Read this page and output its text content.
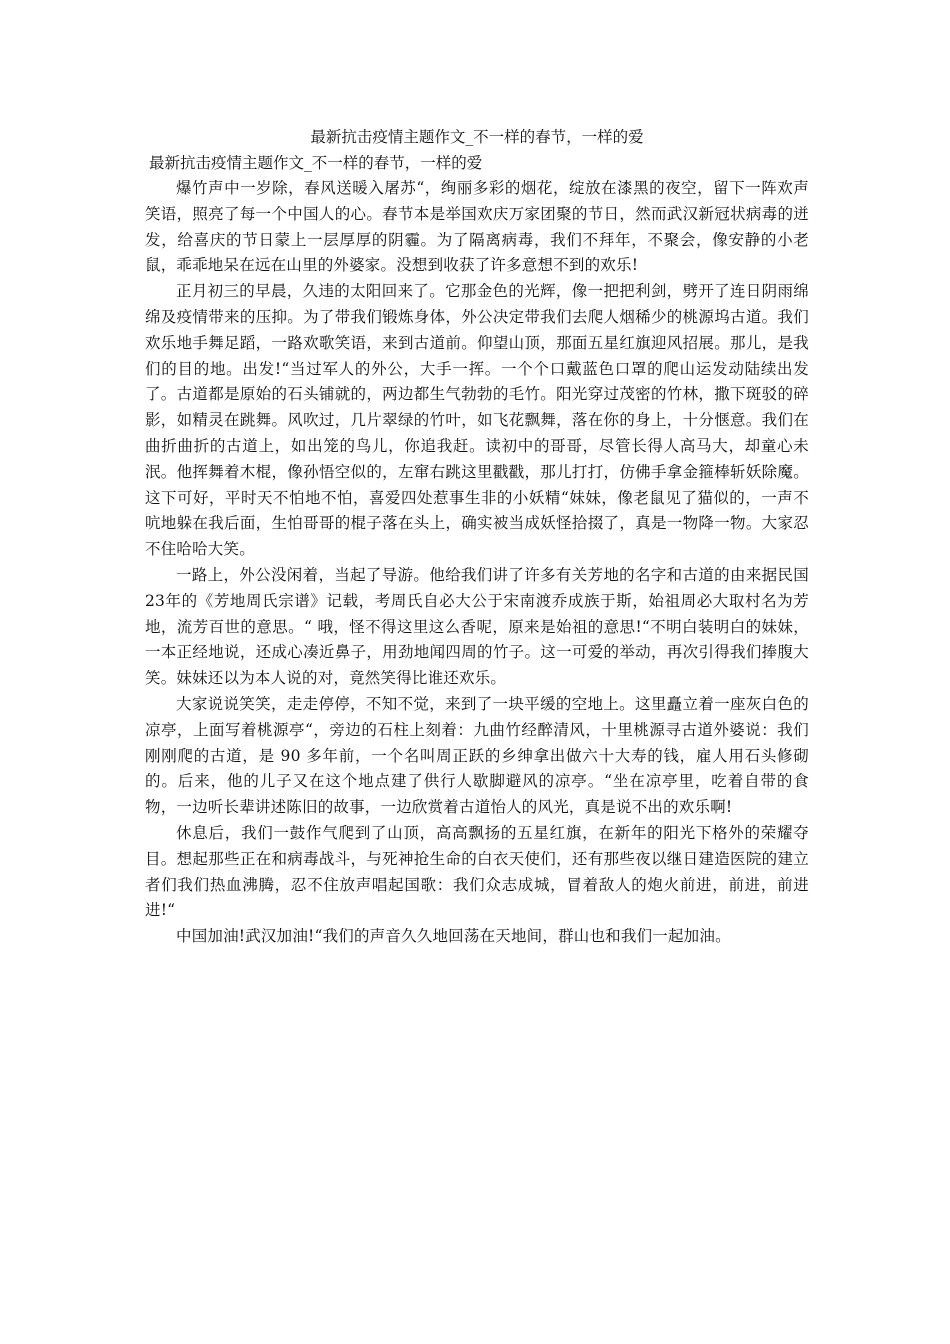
最新抗击疫情主题作文_不一样的春节，一样的爱
最新抗击疫情主题作文_不一样的春节，一样的爱

爆竹声中一岁除，春风送暖入屠苏“，绚丽多彩的烟花，绽放在漆黑的夜空，留下一阵欢声笑语，照亮了每一个中国人的心。春节本是举国欢庆万家团聚的节日，然而武汉新冠状病毒的迸发，给喜庆的节日蒙上一层厚厚的阴霾。为了隔离病毒，我们不拜年，不聚会，像安静的小老鼠，乖乖地呆在远在山里的外婆家。没想到收获了许多意想不到的欢乐!

正月初三的早晨，久违的太阳回来了。它那金色的光辉，像一把把利剑，劈开了连日阴雨绵绵及疫情带来的压抑。为了带我们锻炼身体，外公决定带我们去爬人烟稀少的桃源坞古道。我们欢乐地手舞足蹈，一路欢歌笑语，来到古道前。仰望山顶，那面五星红旗迎风招展。那儿，是我们的目的地。出发!“当过军人的外公，大手一挥。一个个口戴蓝色口罩的爬山运发动陆续出发了。古道都是原始的石头铺就的，两边都生气勃勃的毛竹。阳光穿过茂密的竹林，撒下斑驳的碎影，如精灵在跳舞。风吹过，几片翠绿的竹叶，如飞花飘舞，落在你的身上，十分惬意。我们在曲折曲折的古道上，如出笼的鸟儿，你追我赶。读初中的哥哥，尽管长得人高马大，却童心未泯。他挥舞着木棍，像孙悟空似的，左窜右跳这里戳戳，那儿打打，仿佛手拿金箍棒斩妖除魔。这下可好，平时天不怕地不怕，喜爱四处惹事生非的小妖精“妹妹，像老鼠见了猫似的，一声不吭地躲在我后面，生怕哥哥的棍子落在头上，确实被当成妖怪拾掇了，真是一物降一物。大家忍不住哈哈大笑。

一路上，外公没闲着，当起了导游。他给我们讲了许多有关芳地的名字和古道的由来据民国23年的《芳地周氏宗谱》记载，考周氏自必大公于宋南渡乔成族于斯，始祖周必大取村名为芳地，流芳百世的意思。“ 哦，怪不得这里这么香呢，原来是始祖的意思!“不明白装明白的妹妹，一本正经地说，还成心凑近鼻子，用劲地闻四周的竹子。这一可爱的举动，再次引得我们捧腹大笑。妹妹还以为本人说的对，竟然笑得比谁还欢乐。

大家说说笑笑，走走停停，不知不觉，来到了一块平缓的空地上。这里矗立着一座灰白色的凉亭，上面写着桃源亭“，旁边的石柱上刻着：九曲竹经醉清风，十里桃源寻古道外婆说：我们刚刚爬的古道，是 90 多年前，一个名叫周正跃的乡绅拿出做六十大寿的钱，雇人用石头修砌的。后来，他的儿子又在这个地点建了供行人歇脚避风的凉亭。“坐在凉亭里，吃着自带的食物，一边听长辈讲述陈旧的故事，一边欣赏着古道怡人的风光，真是说不出的欢乐啊!

休息后，我们一鼓作气爬到了山顶，高高飘扬的五星红旗，在新年的阳光下格外的荣耀夺目。想起那些正在和病毒战斗，与死神抢生命的白衣天使们，还有那些夜以继日建造医院的建立者们我们热血沸腾，忍不住放声唱起国歌：我们众志成城，冒着敌人的炮火前进，前进，前进进!“

中国加油!武汉加油!“我们的声音久久地回荡在天地间，群山也和我们一起加油。
